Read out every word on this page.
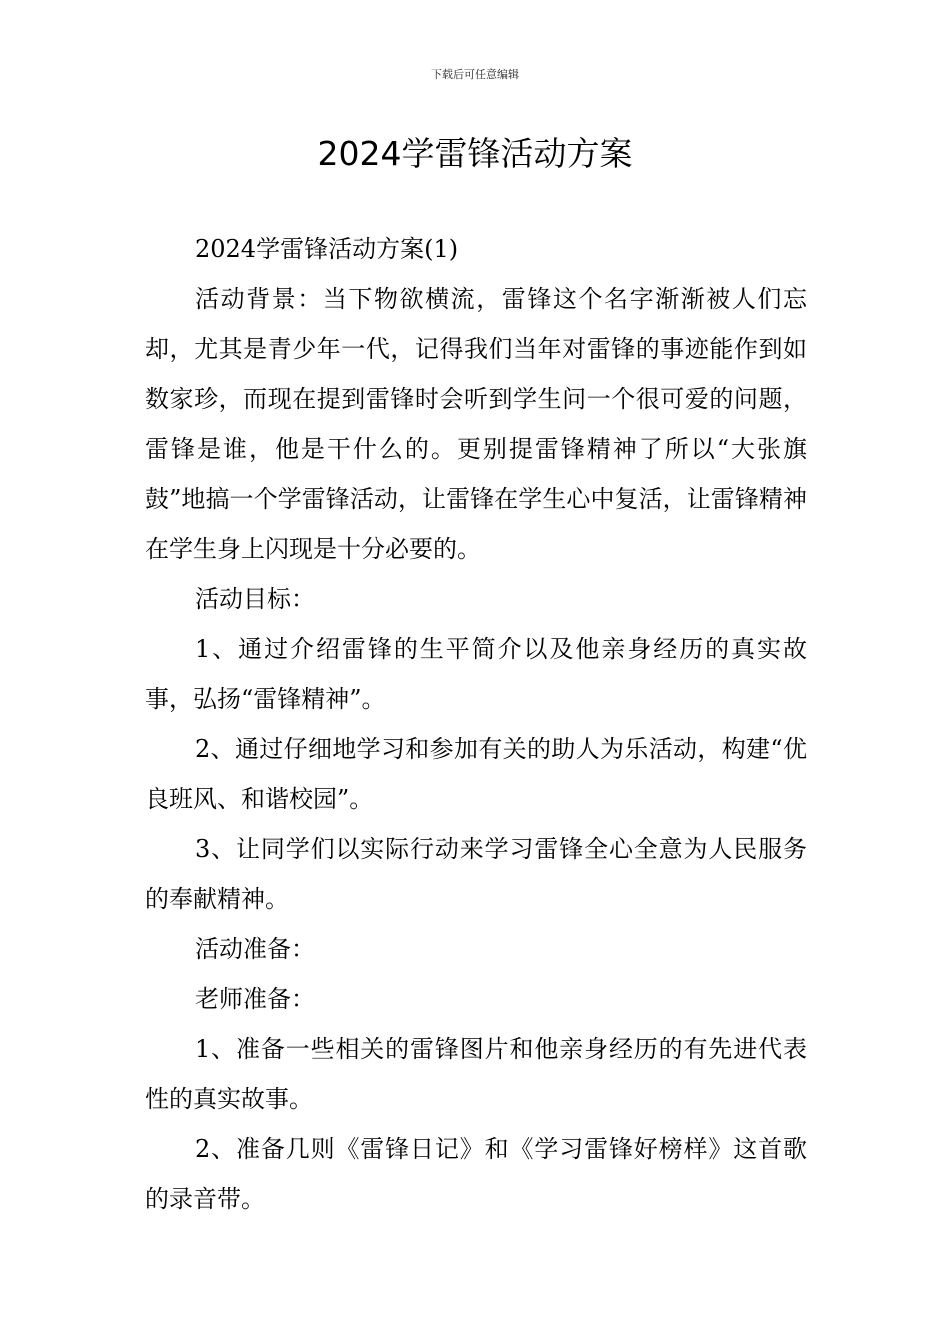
下载后可任意编辑
2024学雷锋活动方案

2024学雷锋活动方案(1)

活动背景：当下物欲横流，雷锋这个名字渐渐被人们忘却，尤其是青少年一代，记得我们当年对雷锋的事迹能作到如数家珍，而现在提到雷锋时会听到学生问一个很可爱的问题，雷锋是谁，他是干什么的。更别提雷锋精神了所以“大张旗鼓”地搞一个学雷锋活动，让雷锋在学生心中复活，让雷锋精神在学生身上闪现是十分必要的。

活动目标：

1、通过介绍雷锋的生平简介以及他亲身经历的真实故事，弘扬“雷锋精神”。

2、通过仔细地学习和参加有关的助人为乐活动，构建“优良班风、和谐校园”。

3、让同学们以实际行动来学习雷锋全心全意为人民服务的奉献精神。

活动准备：

老师准备：

1、准备一些相关的雷锋图片和他亲身经历的有先进代表性的真实故事。

2、准备几则《雷锋日记》和《学习雷锋好榜样》这首歌的录音带。
